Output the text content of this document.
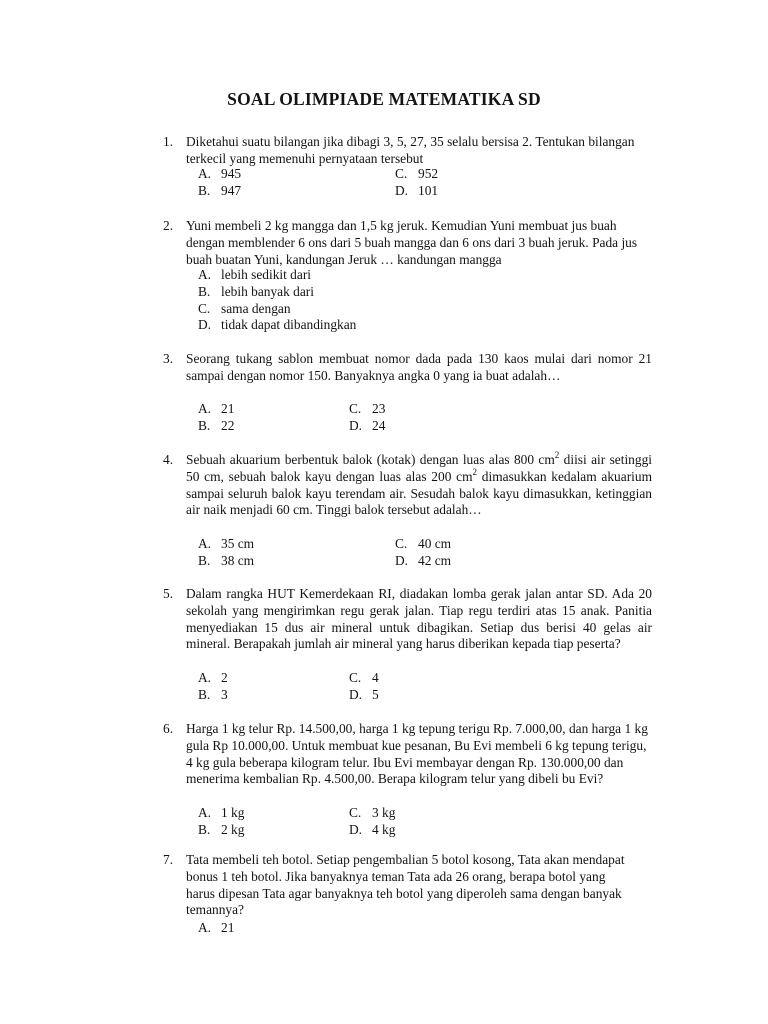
SOAL OLIMPIADE MATEMATIKA SD
1. Diketahui suatu bilangan jika dibagi 3, 5, 27, 35 selalu bersisa 2. Tentukan bilangan terkecil yang memenuhi pernyataan tersebut
A. 945
B. 947
C. 952
D. 101
2. Yuni membeli 2 kg mangga dan 1,5 kg jeruk. Kemudian Yuni membuat jus buah dengan memblender 6 ons dari 5 buah mangga dan 6 ons dari 3 buah jeruk. Pada jus buah buatan Yuni, kandungan Jeruk … kandungan mangga
A. lebih sedikit dari
B. lebih banyak dari
C. sama dengan
D. tidak dapat dibandingkan
3. Seorang tukang sablon membuat nomor dada pada 130 kaos mulai dari nomor 21 sampai dengan nomor 150. Banyaknya angka 0 yang ia buat adalah…
A. 21
B. 22
C. 23
D. 24
4. Sebuah akuarium berbentuk balok (kotak) dengan luas alas 800 $cm^2$ diisi air setinggi 50 cm, sebuah balok kayu dengan luas alas 200 $cm^2$ dimasukkan kedalam akuarium sampai seluruh balok kayu terendam air. Sesudah balok kayu dimasukkan, ketinggian air naik menjadi 60 cm. Tinggi balok tersebut adalah…
A. 35 cm
B. 38 cm
C. 40 cm
D. 42 cm
5. Dalam rangka HUT Kemerdekaan RI, diadakan lomba gerak jalan antar SD. Ada 20 sekolah yang mengirimkan regu gerak jalan. Tiap regu terdiri atas 15 anak. Panitia menyediakan 15 dus air mineral untuk dibagikan. Setiap dus berisi 40 gelas air mineral. Berapakah jumlah air mineral yang harus diberikan kepada tiap peserta?
A. 2
B. 3
C. 4
D. 5
6. Harga 1 kg telur Rp. 14.500,00, harga 1 kg tepung terigu Rp. 7.000,00, dan harga 1 kg gula Rp 10.000,00. Untuk membuat kue pesanan, Bu Evi membeli 6 kg tepung terigu, 4 kg gula beberapa kilogram telur. Ibu Evi membayar dengan Rp. 130.000,00 dan menerima kembalian Rp. 4.500,00. Berapa kilogram telur yang dibeli bu Evi?
A. 1 kg
B. 2 kg
C. 3 kg
D. 4 kg
7. Tata membeli teh botol. Setiap pengembalian 5 botol kosong, Tata akan mendapat bonus 1 teh botol. Jika banyaknya teman Tata ada 26 orang, berapa botol yang harus dipesan Tata agar banyaknya teh botol yang diperoleh sama dengan banyak temannya?
A. 21
